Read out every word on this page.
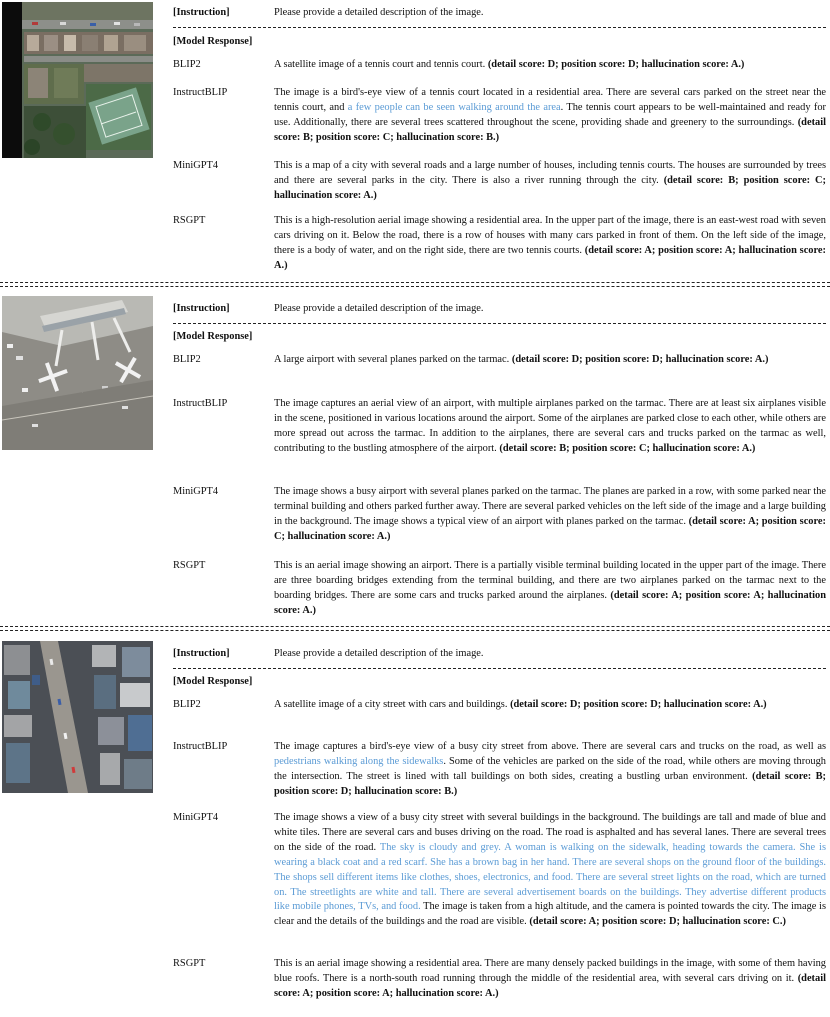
[Instruction]	Please provide a detailed description of the image.
[Model Response]
BLIP2	A satellite image of a tennis court and tennis court. (detail score: D; position score: D; hallucination score: A.)
InstructBLIP	The image is a bird's-eye view of a tennis court located in a residential area. There are several cars parked on the street near the tennis court, and a few people can be seen walking around the area. The tennis court appears to be well-maintained and ready for use. Additionally, there are several trees scattered throughout the scene, providing shade and greenery to the surroundings. (detail score: B; position score: C; hallucination score: B.)
MiniGPT4	This is a map of a city with several roads and a large number of houses, including tennis courts. The houses are surrounded by trees and there are several parks in the city. There is also a river running through the city. (detail score: B; position score: C; hallucination score: A.)
RSGPT	This is a high-resolution aerial image showing a residential area. In the upper part of the image, there is an east-west road with seven cars driving on it. Below the road, there is a row of houses with many cars parked in front of them. On the left side of the image, there is a body of water, and on the right side, there are two tennis courts. (detail score: A; position score: A; hallucination score: A.)
[Instruction]	Please provide a detailed description of the image.
[Model Response]
BLIP2	A large airport with several planes parked on the tarmac. (detail score: D; position score: D; hallucination score: A.)
InstructBLIP	The image captures an aerial view of an airport, with multiple airplanes parked on the tarmac. There are at least six airplanes visible in the scene, positioned in various locations around the airport. Some of the airplanes are parked close to each other, while others are more spread out across the tarmac. In addition to the airplanes, there are several cars and trucks parked on the tarmac as well, contributing to the bustling atmosphere of the airport. (detail score: B; position score: C; hallucination score: A.)
MiniGPT4	The image shows a busy airport with several planes parked on the tarmac. The planes are parked in a row, with some parked near the terminal building and others parked further away. There are several parked vehicles on the left side of the image and a large building in the background. The image shows a typical view of an airport with planes parked on the tarmac. (detail score: A; position score: C; hallucination score: A.)
RSGPT	This is an aerial image showing an airport. There is a partially visible terminal building located in the upper part of the image. There are three boarding bridges extending from the terminal building, and there are two airplanes parked on the tarmac next to the boarding bridges. There are some cars and trucks parked around the airplanes. (detail score: A; position score: A; hallucination score: A.)
[Instruction]	Please provide a detailed description of the image.
[Model Response]
BLIP2	A satellite image of a city street with cars and buildings. (detail score: D; position score: D; hallucination score: A.)
InstructBLIP	The image captures a bird's-eye view of a busy city street from above. There are several cars and trucks on the road, as well as pedestrians walking along the sidewalks. Some of the vehicles are parked on the side of the road, while others are moving through the intersection. The street is lined with tall buildings on both sides, creating a bustling urban environment. (detail score: B; position score: D; hallucination score: B.)
MiniGPT4	The image shows a view of a busy city street with several buildings in the background. The buildings are tall and made of blue and white tiles. There are several cars and buses driving on the road. The road is asphalted and has several lanes. There are several trees on the side of the road. The sky is cloudy and grey. A woman is walking on the sidewalk, heading towards the camera. She is wearing a black coat and a red scarf. She has a brown bag in her hand. There are several shops on the ground floor of the buildings. The shops sell different items like clothes, shoes, electronics, and food. There are several street lights on the road, which are turned on. The streetlights are white and tall. There are several advertisement boards on the buildings. They advertise different products like mobile phones, TVs, and food. The image is taken from a high altitude, and the camera is pointed towards the city. The image is clear and the details of the buildings and the road are visible. (detail score: A; position score: D; hallucination score: C.)
RSGPT	This is an aerial image showing a residential area. There are many densely packed buildings in the image, with some of them having blue roofs. There is a north-south road running through the middle of the residential area, with several cars driving on it. (detail score: A; position score: A; hallucination score: A.)
